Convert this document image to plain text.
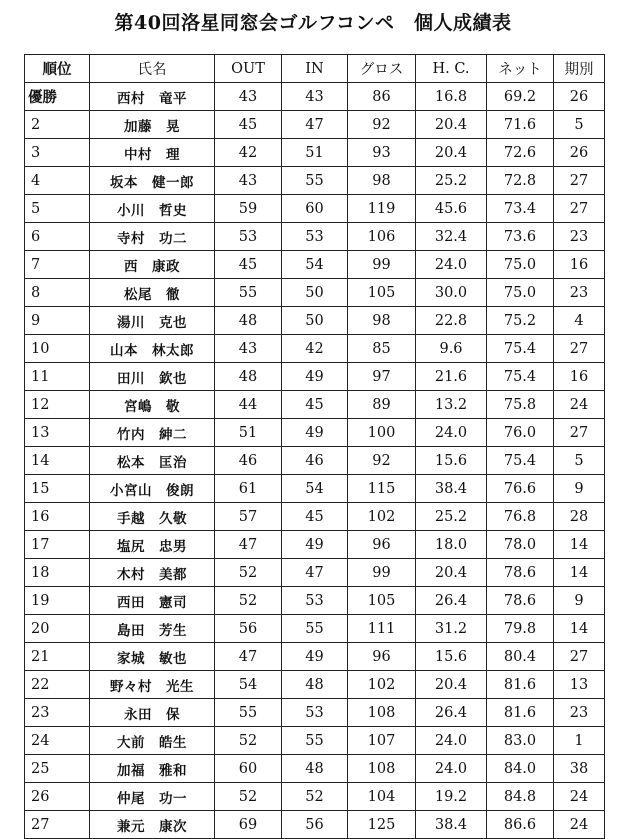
第40回洛星同窓会ゴルフコンペ　個人成績表
順位	氏名	OUT	IN	グロス	H. C.	ネット	期別
優勝	西村　竜平	43	43	86	16.8	69.2	26
2	加藤　晃	45	47	92	20.4	71.6	5
3	中村　理	42	51	93	20.4	72.6	26
4	坂本　健一郎	43	55	98	25.2	72.8	27
5	小川　哲史	59	60	119	45.6	73.4	27
6	寺村　功二	53	53	106	32.4	73.6	23
7	西　康政	45	54	99	24.0	75.0	16
8	松尾　徹	55	50	105	30.0	75.0	23
9	湯川　克也	48	50	98	22.8	75.2	4
10	山本　林太郎	43	42	85	9.6	75.4	27
11	田川　欽也	48	49	97	21.6	75.4	16
12	宮嶋　敬	44	45	89	13.2	75.8	24
13	竹内　紳二	51	49	100	24.0	76.0	27
14	松本　匡治	46	46	92	15.6	75.4	5
15	小宮山　俊朗	61	54	115	38.4	76.6	9
16	手越　久敬	57	45	102	25.2	76.8	28
17	塩尻　忠男	47	49	96	18.0	78.0	14
18	木村　美都	52	47	99	20.4	78.6	14
19	西田　憲司	52	53	105	26.4	78.6	9
20	島田　芳生	56	55	111	31.2	79.8	14
21	家城　敏也	47	49	96	15.6	80.4	27
22	野々村　光生	54	48	102	20.4	81.6	13
23	永田　保	55	53	108	26.4	81.6	23
24	大前　皓生	52	55	107	24.0	83.0	1
25	加福　雅和	60	48	108	24.0	84.0	38
26	仲尾　功一	52	52	104	19.2	84.8	24
27	兼元　康次	69	56	125	38.4	86.6	24
